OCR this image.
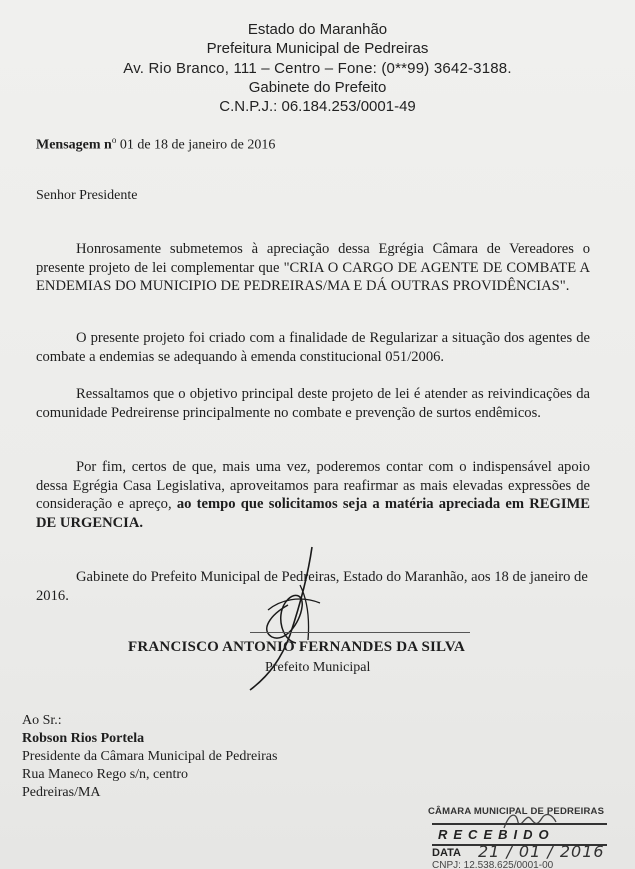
Estado do Maranhão
Prefeitura Municipal de Pedreiras
Av. Rio Branco, 111 – Centro – Fone: (0**99) 3642-3188.
Gabinete do Prefeito
C.N.P.J.: 06.184.253/0001-49
Mensagem $n^o$ 01 de 18 de janeiro de 2016
Senhor Presidente
Honrosamente submetemos à apreciação dessa Egrégia Câmara de Vereadores o presente projeto de lei complementar que "CRIA O CARGO DE AGENTE DE COMBATE A ENDEMIAS DO MUNICIPIO DE PEDREIRAS/MA E DÁ OUTRAS PROVIDÊNCIAS".
O presente projeto foi criado com a finalidade de Regularizar a situação dos agentes de combate a endemias se adequando à emenda constitucional 051/2006.
Ressaltamos que o objetivo principal deste projeto de lei é atender as reivindicações da comunidade Pedreirense principalmente no combate e prevenção de surtos endêmicos.
Por fim, certos de que, mais uma vez, poderemos contar com o indispensável apoio dessa Egrégia Casa Legislativa, aproveitamos para reafirmar as mais elevadas expressões de consideração e apreço, ao tempo que solicitamos seja a matéria apreciada em REGIME DE URGENCIA.
Gabinete do Prefeito Municipal de Pedreiras, Estado do Maranhão, aos 18 de janeiro de 2016.
FRANCISCO ANTONIO FERNANDES DA SILVA
Prefeito Municipal
Ao Sr.:
Robson Rios Portela
Presidente da Câmara Municipal de Pedreiras
Rua Maneco Rego s/n, centro
Pedreiras/MA
CÂMARA MUNICIPAL DE PEDREIRAS
RECEBIDO
DATA 21 / 01 / 2016
CNPJ: 12.538.625/0001-00
